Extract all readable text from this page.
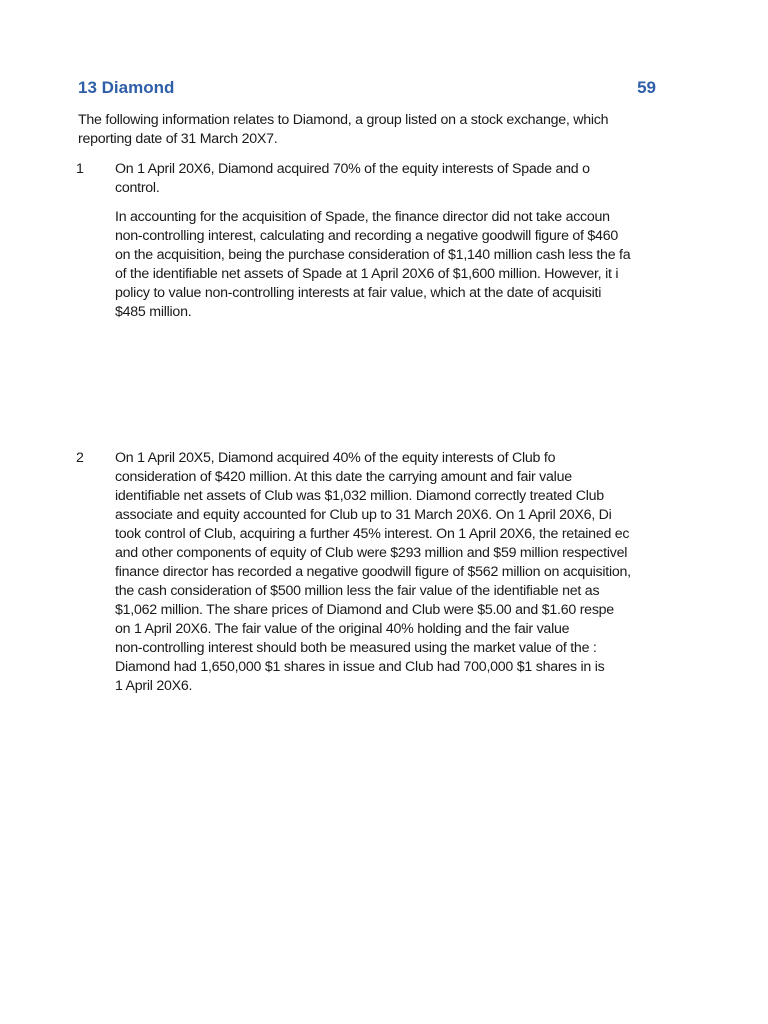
13 Diamond	59
The following information relates to Diamond, a group listed on a stock exchange, which
reporting date of 31 March 20X7.
1 On 1 April 20X6, Diamond acquired 70% of the equity interests of Spade and o
control.
In accounting for the acquisition of Spade, the finance director did not take accoun
non-controlling interest, calculating and recording a negative goodwill figure of $460
on the acquisition, being the purchase consideration of $1,140 million cash less the fa
of the identifiable net assets of Spade at 1 April 20X6 of $1,600 million. However, it i
policy to value non-controlling interests at fair value, which at the date of acquisiti
$485 million.
2 On 1 April 20X5, Diamond acquired 40% of the equity interests of Club fo
consideration of $420 million. At this date the carrying amount and fair value
identifiable net assets of Club was $1,032 million. Diamond correctly treated Club
associate and equity accounted for Club up to 31 March 20X6. On 1 April 20X6, Di
took control of Club, acquiring a further 45% interest. On 1 April 20X6, the retained ec
and other components of equity of Club were $293 million and $59 million respectivel
finance director has recorded a negative goodwill figure of $562 million on acquisition,
the cash consideration of $500 million less the fair value of the identifiable net as
$1,062 million. The share prices of Diamond and Club were $5.00 and $1.60 respe
on 1 April 20X6. The fair value of the original 40% holding and the fair value
non-controlling interest should both be measured using the market value of the :
Diamond had 1,650,000 $1 shares in issue and Club had 700,000 $1 shares in is
1 April 20X6.
